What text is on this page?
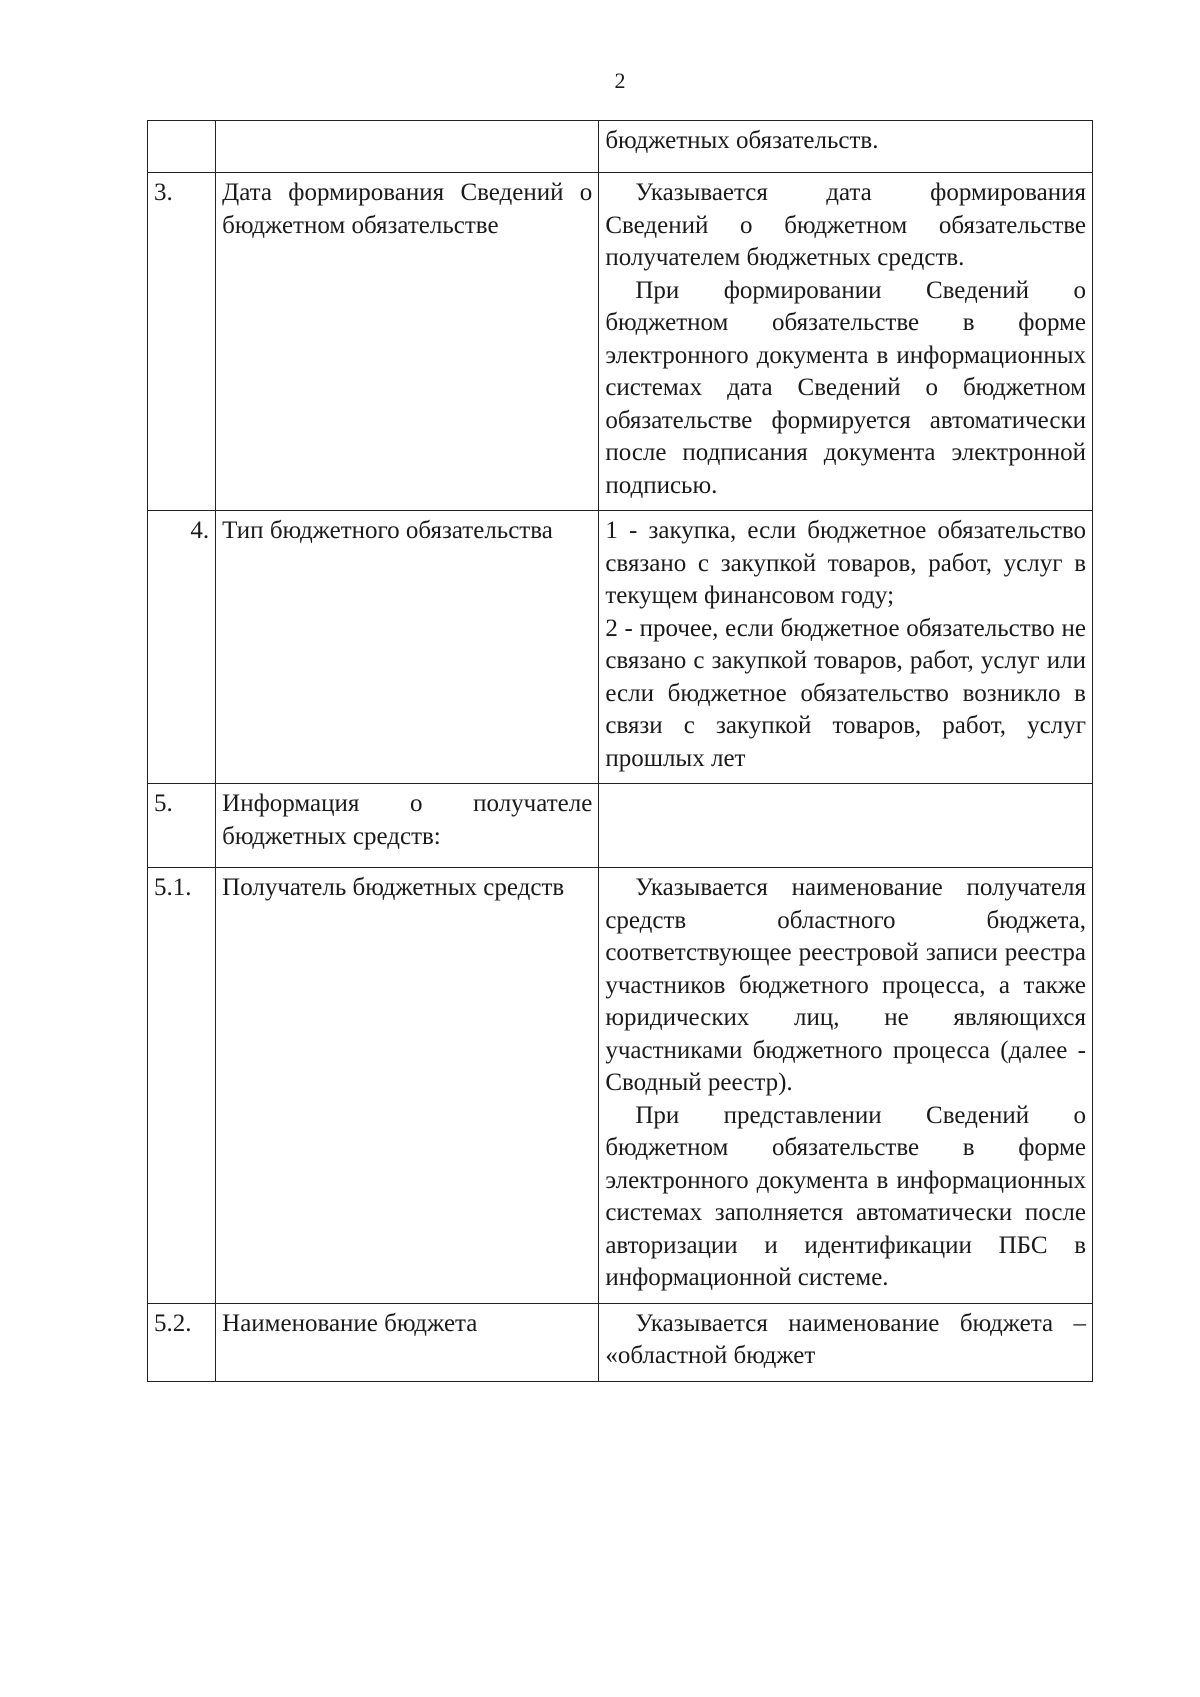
2

		бюджетных обязательств.

3.	Дата формирования Сведений о бюджетном обязательстве	Указывается дата формирования Сведений о бюджетном обязательстве получателем бюджетных средств.

При формировании Сведений о бюджетном обязательстве в форме электронного документа в информационных системах дата Сведений о бюджетном обязательстве формируется автоматически после подписания документа электронной подписью.

4.	Тип бюджетного обязательства	1 - закупка, если бюджетное обязательство связано с закупкой товаров, работ, услуг в текущем финансовом году;

2 - прочее, если бюджетное обязательство не связано с закупкой товаров, работ, услуг или если бюджетное обязательство возникло в связи с закупкой товаров, работ, услуг прошлых лет

5.	Информация о получателе бюджетных средств:	
5.1.	Получатель бюджетных средств	Указывается наименование получателя средств областного бюджета, соответствующее реестровой записи реестра участников бюджетного процесса, а также юридических лиц, не являющихся участниками бюджетного процесса (далее - Сводный реестр).

При представлении Сведений о бюджетном обязательстве в форме электронного документа в информационных системах заполняется автоматически после авторизации и идентификации ПБС в информационной системе.

5.2.	Наименование бюджета	Указывается наименование бюджета – «областной бюджет
